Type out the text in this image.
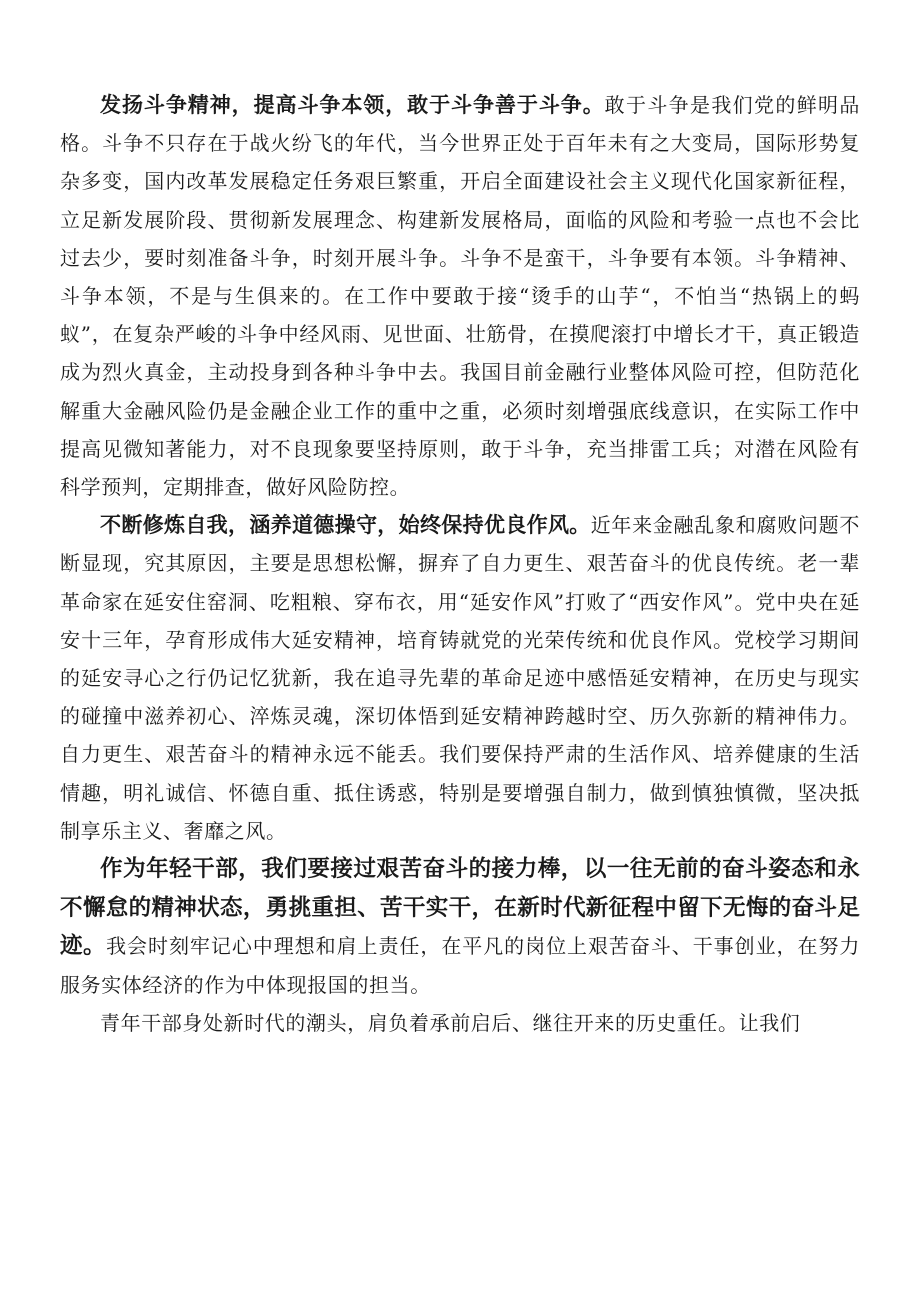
发扬斗争精神，提高斗争本领，敢于斗争善于斗争。敢于斗争是我们党的鲜明品格。斗争不只存在于战火纷飞的年代，当今世界正处于百年未有之大变局，国际形势复杂多变，国内改革发展稳定任务艰巨繁重，开启全面建设社会主义现代化国家新征程，立足新发展阶段、贯彻新发展理念、构建新发展格局，面临的风险和考验一点也不会比过去少，要时刻准备斗争，时刻开展斗争。斗争不是蛮干，斗争要有本领。斗争精神、斗争本领，不是与生俱来的。在工作中要敢于接“烫手的山芋“，不怕当“热锅上的蚂蚁”，在复杂严峻的斗争中经风雨、见世面、壮筋骨，在摸爬滚打中增长才干，真正锻造成为烈火真金，主动投身到各种斗争中去。我国目前金融行业整体风险可控，但防范化解重大金融风险仍是金融企业工作的重中之重，必须时刻增强底线意识，在实际工作中提高见微知著能力，对不良现象要坚持原则，敢于斗争，充当排雷工兵；对潜在风险有科学预判，定期排查，做好风险防控。

不断修炼自我，涵养道德操守，始终保持优良作风。近年来金融乱象和腐败问题不断显现，究其原因，主要是思想松懈，摒弃了自力更生、艰苦奋斗的优良传统。老一辈革命家在延安住窑洞、吃粗粮、穿布衣，用“延安作风”打败了“西安作风”。党中央在延安十三年，孕育形成伟大延安精神，培育铸就党的光荣传统和优良作风。党校学习期间的延安寻心之行仍记忆犹新，我在追寻先辈的革命足迹中感悟延安精神，在历史与现实的碰撞中滋养初心、淬炼灵魂，深切体悟到延安精神跨越时空、历久弥新的精神伟力。自力更生、艰苦奋斗的精神永远不能丢。我们要保持严肃的生活作风、培养健康的生活情趣，明礼诚信、怀德自重、抵住诱惑，特别是要增强自制力，做到慎独慎微，坚决抵制享乐主义、奢靡之风。

作为年轻干部，我们要接过艰苦奋斗的接力棒，以一往无前的奋斗姿态和永不懈怠的精神状态，勇挑重担、苦干实干，在新时代新征程中留下无悔的奋斗足迹。我会时刻牢记心中理想和肩上责任，在平凡的岗位上艰苦奋斗、干事创业，在努力服务实体经济的作为中体现报国的担当。

青年干部身处新时代的潮头，肩负着承前启后、继往开来的历史重任。让我们
